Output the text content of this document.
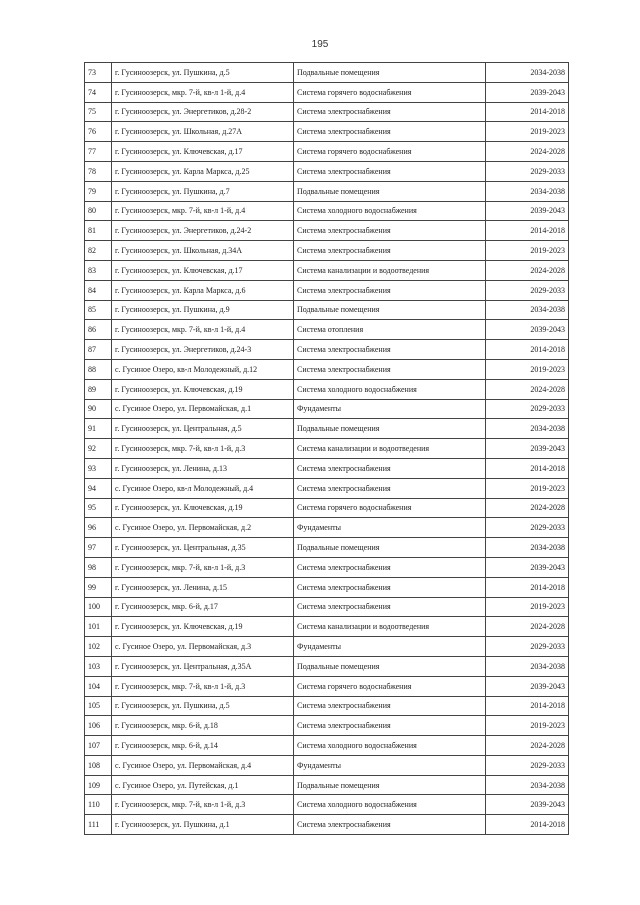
195
73	г. Гусиноозерск, ул. Пушкина, д.5	Подвальные помещения	2034-2038
74	г. Гусиноозерск, мкр. 7-й, кв-л 1-й, д.4	Система горячего водоснабжения	2039-2043
75	г. Гусиноозерск, ул. Энергетиков, д.28-2	Система электроснабжения	2014-2018
76	г. Гусиноозерск, ул. Школьная, д.27А	Система электроснабжения	2019-2023
77	г. Гусиноозерск, ул. Ключевская, д.17	Система горячего водоснабжения	2024-2028
78	г. Гусиноозерск, ул. Карла Маркса, д.25	Система электроснабжения	2029-2033
79	г. Гусиноозерск, ул. Пушкина, д.7	Подвальные помещения	2034-2038
80	г. Гусиноозерск, мкр. 7-й, кв-л 1-й, д.4	Система холодного водоснабжения	2039-2043
81	г. Гусиноозерск, ул. Энергетиков, д.24-2	Система электроснабжения	2014-2018
82	г. Гусиноозерск, ул. Школьная, д.34А	Система электроснабжения	2019-2023
83	г. Гусиноозерск, ул. Ключевская, д.17	Система канализации и водоотведения	2024-2028
84	г. Гусиноозерск, ул. Карла Маркса, д.6	Система электроснабжения	2029-2033
85	г. Гусиноозерск, ул. Пушкина, д.9	Подвальные помещения	2034-2038
86	г. Гусиноозерск, мкр. 7-й, кв-л 1-й, д.4	Система отопления	2039-2043
87	г. Гусиноозерск, ул. Энергетиков, д.24-3	Система электроснабжения	2014-2018
88	с. Гусиное Озеро, кв-л Молодежный, д.12	Система электроснабжения	2019-2023
89	г. Гусиноозерск, ул. Ключевская, д.19	Система холодного водоснабжения	2024-2028
90	с. Гусиное Озеро, ул. Первомайская, д.1	Фундаменты	2029-2033
91	г. Гусиноозерск, ул. Центральная, д.5	Подвальные помещения	2034-2038
92	г. Гусиноозерск, мкр. 7-й, кв-л 1-й, д.3	Система канализации и водоотведения	2039-2043
93	г. Гусиноозерск, ул. Ленина, д.13	Система электроснабжения	2014-2018
94	с. Гусиное Озеро, кв-л Молодежный, д.4	Система электроснабжения	2019-2023
95	г. Гусиноозерск, ул. Ключевская, д.19	Система горячего водоснабжения	2024-2028
96	с. Гусиное Озеро, ул. Первомайская, д.2	Фундаменты	2029-2033
97	г. Гусиноозерск, ул. Центральная, д.35	Подвальные помещения	2034-2038
98	г. Гусиноозерск, мкр. 7-й, кв-л 1-й, д.3	Система электроснабжения	2039-2043
99	г. Гусиноозерск, ул. Ленина, д.15	Система электроснабжения	2014-2018
100	г. Гусиноозерск, мкр. 6-й, д.17	Система электроснабжения	2019-2023
101	г. Гусиноозерск, ул. Ключевская, д.19	Система канализации и водоотведения	2024-2028
102	с. Гусиное Озеро, ул. Первомайская, д.3	Фундаменты	2029-2033
103	г. Гусиноозерск, ул. Центральная, д.35А	Подвальные помещения	2034-2038
104	г. Гусиноозерск, мкр. 7-й, кв-л 1-й, д.3	Система горячего водоснабжения	2039-2043
105	г. Гусиноозерск, ул. Пушкина, д.5	Система электроснабжения	2014-2018
106	г. Гусиноозерск, мкр. 6-й, д.18	Система электроснабжения	2019-2023
107	г. Гусиноозерск, мкр. 6-й, д.14	Система холодного водоснабжения	2024-2028
108	с. Гусиное Озеро, ул. Первомайская, д.4	Фундаменты	2029-2033
109	с. Гусиное Озеро, ул. Путейская, д.1	Подвальные помещения	2034-2038
110	г. Гусиноозерск, мкр. 7-й, кв-л 1-й, д.3	Система холодного водоснабжения	2039-2043
111	г. Гусиноозерск, ул. Пушкина, д.1	Система электроснабжения	2014-2018
